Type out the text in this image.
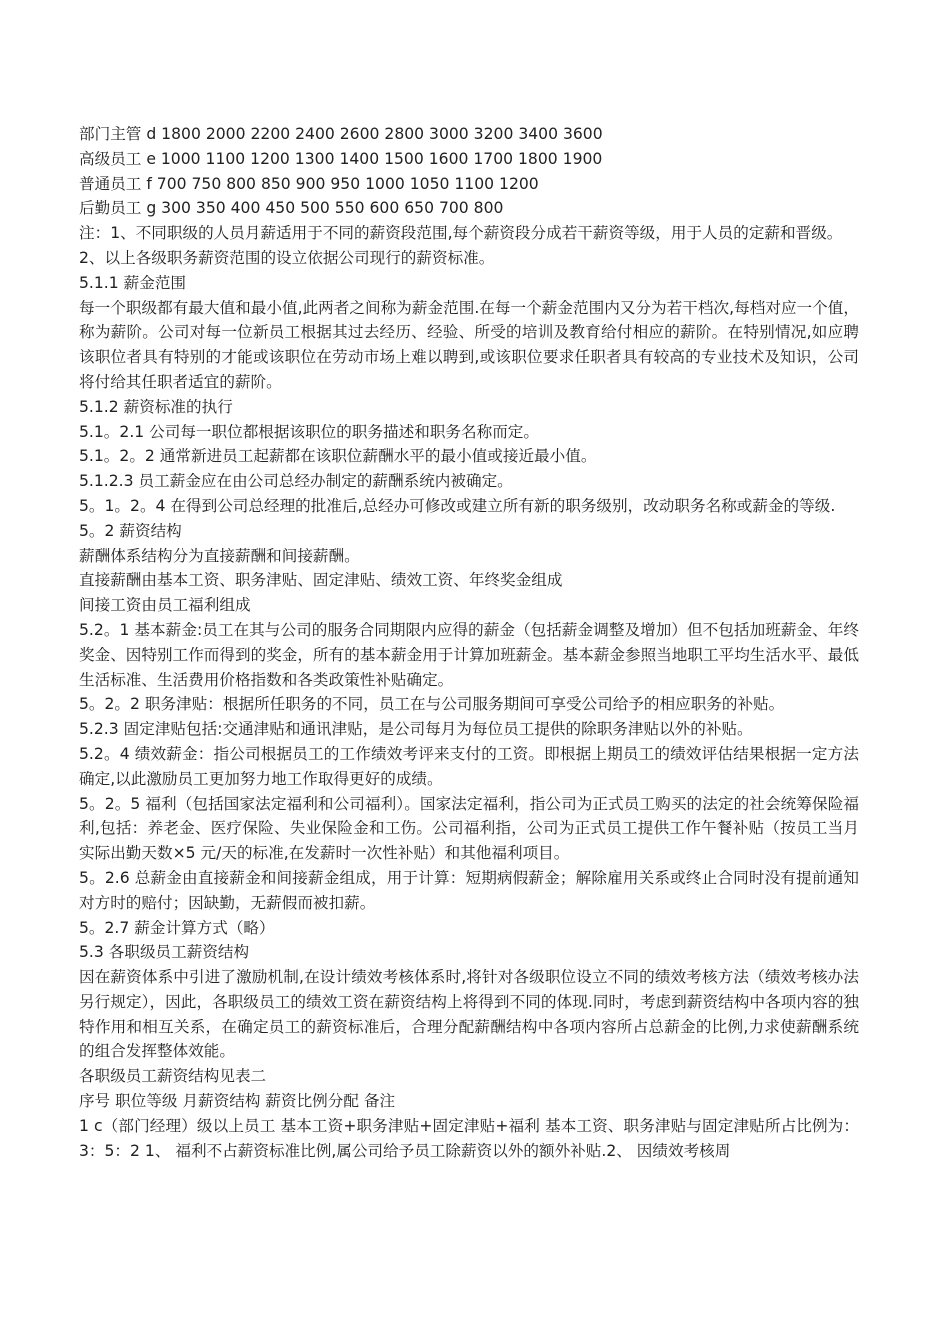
部门主管 d 1800 2000 2200 2400 2600 2800 3000 3200 3400 3600
高级员工 e 1000 1100 1200 1300 1400 1500 1600 1700 1800 1900
普通员工 f 700 750 800 850 900 950 1000 1050 1100 1200
后勤员工 g 300 350 400 450 500 550 600 650 700 800
注：1、不同职级的人员月薪适用于不同的薪资段范围,每个薪资段分成若干薪资等级，用于人员的定薪和晋级。
2、以上各级职务薪资范围的设立依据公司现行的薪资标准。
5.1.1 薪金范围
每一个职级都有最大值和最小值,此两者之间称为薪金范围.在每一个薪金范围内又分为若干档次,每档对应一个值，称为薪阶。公司对每一位新员工根据其过去经历、经验、所受的培训及教育给付相应的薪阶。在特别情况,如应聘该职位者具有特别的才能或该职位在劳动市场上难以聘到,或该职位要求任职者具有较高的专业技术及知识，公司将付给其任职者适宜的薪阶。
5.1.2 薪资标准的执行
5.1。2.1 公司每一职位都根据该职位的职务描述和职务名称而定。
5.1。2。2 通常新进员工起薪都在该职位薪酬水平的最小值或接近最小值。
5.1.2.3 员工薪金应在由公司总经办制定的薪酬系统内被确定。
5。1。2。4 在得到公司总经理的批准后,总经办可修改或建立所有新的职务级别，改动职务名称或薪金的等级.
5。2 薪资结构
薪酬体系结构分为直接薪酬和间接薪酬。
直接薪酬由基本工资、职务津贴、固定津贴、绩效工资、年终奖金组成
间接工资由员工福利组成
5.2。1 基本薪金:员工在其与公司的服务合同期限内应得的薪金（包括薪金调整及增加）但不包括加班薪金、年终奖金、因特别工作而得到的奖金，所有的基本薪金用于计算加班薪金。基本薪金参照当地职工平均生活水平、最低生活标准、生活费用价格指数和各类政策性补贴确定。
5。2。2 职务津贴：根据所任职务的不同，员工在与公司服务期间可享受公司给予的相应职务的补贴。
5.2.3 固定津贴包括:交通津贴和通讯津贴，是公司每月为每位员工提供的除职务津贴以外的补贴。
5.2。4 绩效薪金：指公司根据员工的工作绩效考评来支付的工资。即根据上期员工的绩效评估结果根据一定方法确定,以此激励员工更加努力地工作取得更好的成绩。
5。2。5 福利（包括国家法定福利和公司福利）。国家法定福利，指公司为正式员工购买的法定的社会统筹保险福利,包括：养老金、医疗保险、失业保险金和工伤。公司福利指，公司为正式员工提供工作午餐补贴（按员工当月实际出勤天数×5 元/天的标准,在发薪时一次性补贴）和其他福利项目。
5。2.6 总薪金由直接薪金和间接薪金组成，用于计算：短期病假薪金；解除雇用关系或终止合同时没有提前通知对方时的赔付；因缺勤，无薪假而被扣薪。
5。2.7 薪金计算方式（略）
5.3 各职级员工薪资结构
因在薪资体系中引进了激励机制,在设计绩效考核体系时,将针对各级职位设立不同的绩效考核方法（绩效考核办法另行规定），因此，各职级员工的绩效工资在薪资结构上将得到不同的体现.同时，考虑到薪资结构中各项内容的独特作用和相互关系，在确定员工的薪资标准后，合理分配薪酬结构中各项内容所占总薪金的比例,力求使薪酬系统的组合发挥整体效能。
各职级员工薪资结构见表二
序号 职位等级 月薪资结构 薪资比例分配 备注
1 c（部门经理）级以上员工 基本工资+职务津贴+固定津贴+福利 基本工资、职务津贴与固定津贴所占比例为：3：5：2 1、 福利不占薪资标准比例,属公司给予员工除薪资以外的额外补贴.2、 因绩效考核周
